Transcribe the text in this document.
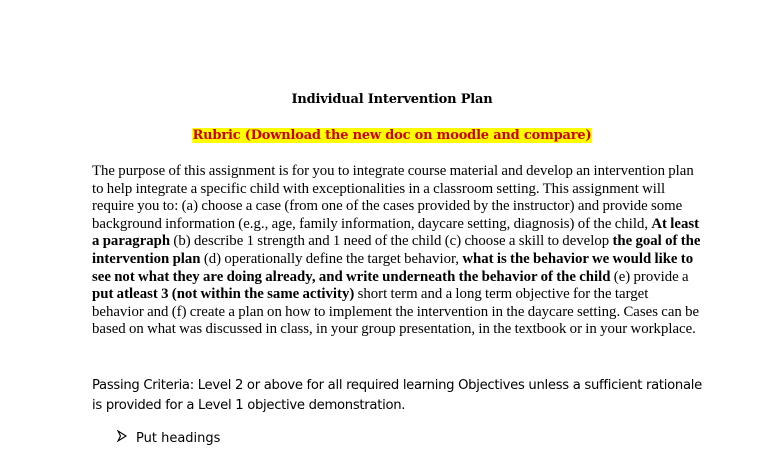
Individual Intervention Plan
Rubric (Download the new doc on moodle and compare)
The purpose of this assignment is for you to integrate course material and develop an intervention plan to help integrate a specific child with exceptionalities in a classroom setting. This assignment will require you to: (a) choose a case (from one of the cases provided by the instructor) and provide some background information (e.g., age, family information, daycare setting, diagnosis) of the child, At least a paragraph (b) describe 1 strength and 1 need of the child (c) choose a skill to develop the goal of the intervention plan (d) operationally define the target behavior, what is the behavior we would like to see not what they are doing already, and write underneath the behavior of the child (e) provide a put atleast 3 (not within the same activity) short term and a long term objective for the target behavior and (f) create a plan on how to implement the intervention in the daycare setting. Cases can be based on what was discussed in class, in your group presentation, in the textbook or in your workplace.
Passing Criteria: Level 2 or above for all required learning Objectives unless a sufficient rationale is provided for a Level 1 objective demonstration.
Put headings
